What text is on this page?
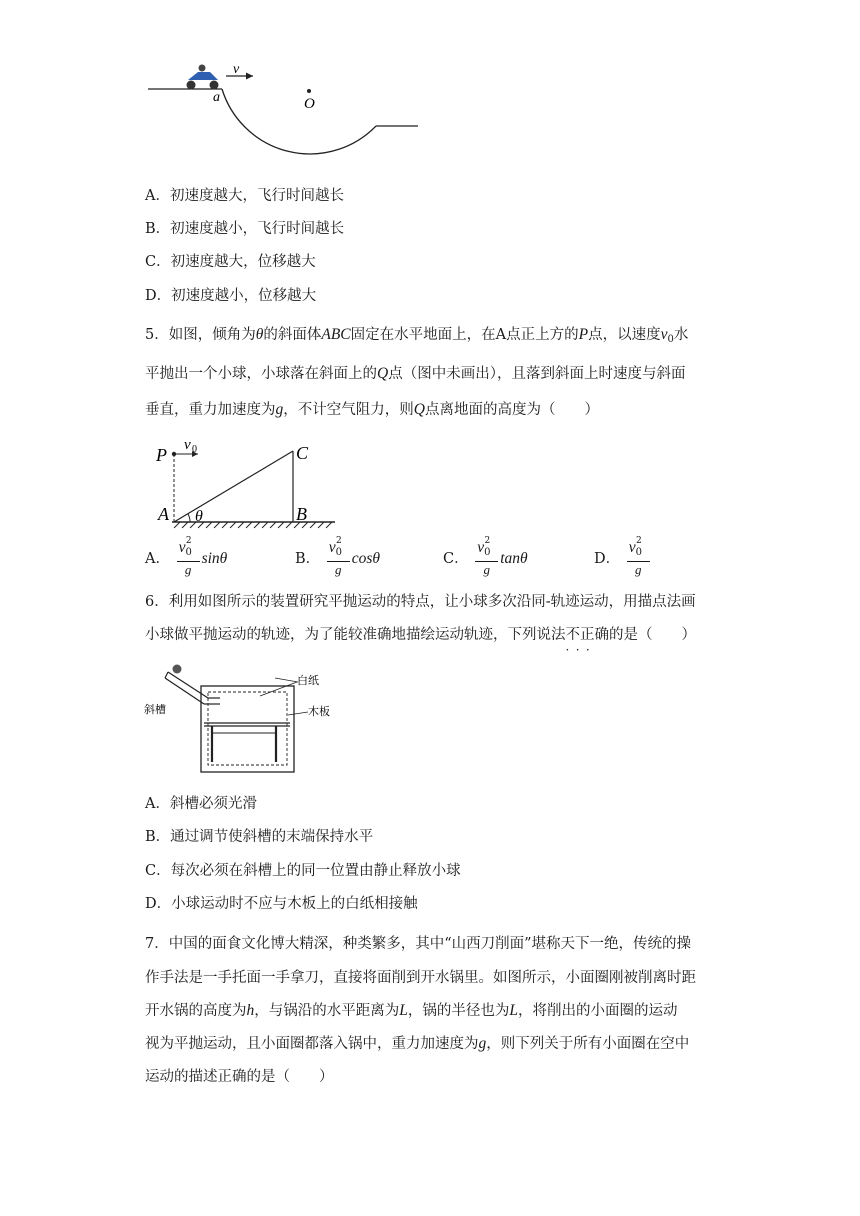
v
a	O
A．初速度越大，飞行时间越长
B．初速度越小，飞行时间越长
C．初速度越大，位移越大
D．初速度越小，位移越大
5．如图，倾角为θ的斜面体ABC固定在水平地面上，在A点正上方的P点，以速度$v_0$水
平抛出一个小球，小球落在斜面上的Q点（图中未画出），且落到斜面上时速度与斜面
垂直，重力加速度为g，不计空气阻力，则Q点离地面的高度为（　　）
P v 0	C
A θ	B
A． $\frac{v_0^2}{g}$ sinθ	B． $\frac{v_0^2}{g}$ cosθ	C． $\frac{v_0^2}{g}$ tanθ	D． $\frac{v_0^2}{g}$
6．利用如图所示的装置研究平抛运动的特点，让小球多次沿同-轨迹运动，用描点法画
小球做平抛运动的轨迹，为了能较准确地描绘运动轨迹，下列说法不正确 · · ·的是（　　）
白纸
斜槽	木板
A．斜槽必须光滑
B．通过调节使斜槽的末端保持水平
C．每次必须在斜槽上的同一位置由静止释放小球
D．小球运动时不应与木板上的白纸相接触
7．中国的面食文化博大精深，种类繁多，其中“山西刀削面”堪称天下一绝，传统的操
作手法是一手托面一手拿刀，直接将面削到开水锅里。如图所示，小面圈刚被削离时距
开水锅的高度为h，与锅沿的水平距离为L，锅的半径也为L，将削出的小面圈的运动
视为平抛运动，且小面圈都落入锅中，重力加速度为g，则下列关于所有小面圈在空中
运动的描述正确的是（　　）
